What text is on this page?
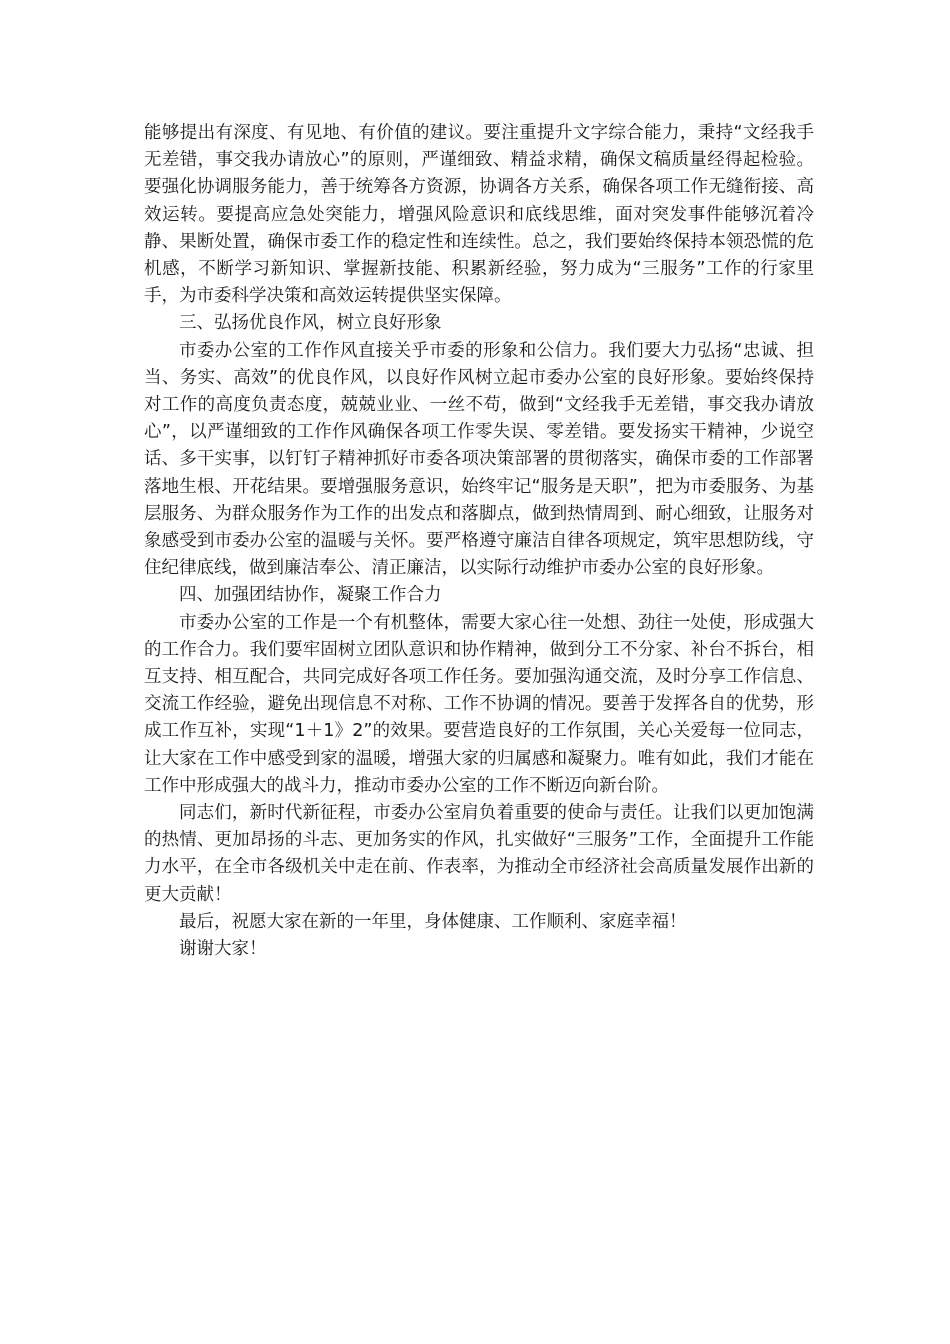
能够提出有深度、有见地、有价值的建议。要注重提升文字综合能力，秉持“文经我手无差错，事交我办请放心”的原则，严谨细致、精益求精，确保文稿质量经得起检验。要强化协调服务能力，善于统筹各方资源，协调各方关系，确保各项工作无缝衔接、高效运转。要提高应急处突能力，增强风险意识和底线思维，面对突发事件能够沉着冷静、果断处置，确保市委工作的稳定性和连续性。总之，我们要始终保持本领恐慌的危机感，不断学习新知识、掌握新技能、积累新经验，努力成为“三服务”工作的行家里手，为市委科学决策和高效运转提供坚实保障。

三、弘扬优良作风，树立良好形象

市委办公室的工作作风直接关乎市委的形象和公信力。我们要大力弘扬“忠诚、担当、务实、高效”的优良作风，以良好作风树立起市委办公室的良好形象。要始终保持对工作的高度负责态度，兢兢业业、一丝不苟，做到“文经我手无差错，事交我办请放心”，以严谨细致的工作作风确保各项工作零失误、零差错。要发扬实干精神，少说空话、多干实事，以钉钉子精神抓好市委各项决策部署的贯彻落实，确保市委的工作部署落地生根、开花结果。要增强服务意识，始终牢记“服务是天职”，把为市委服务、为基层服务、为群众服务作为工作的出发点和落脚点，做到热情周到、耐心细致，让服务对象感受到市委办公室的温暖与关怀。要严格遵守廉洁自律各项规定，筑牢思想防线，守住纪律底线，做到廉洁奉公、清正廉洁，以实际行动维护市委办公室的良好形象。

四、加强团结协作，凝聚工作合力

市委办公室的工作是一个有机整体，需要大家心往一处想、劲往一处使，形成强大的工作合力。我们要牢固树立团队意识和协作精神，做到分工不分家、补台不拆台，相互支持、相互配合，共同完成好各项工作任务。要加强沟通交流，及时分享工作信息、交流工作经验，避免出现信息不对称、工作不协调的情况。要善于发挥各自的优势，形成工作互补，实现“1＋1》2”的效果。要营造良好的工作氛围，关心关爱每一位同志，让大家在工作中感受到家的温暖，增强大家的归属感和凝聚力。唯有如此，我们才能在工作中形成强大的战斗力，推动市委办公室的工作不断迈向新台阶。

同志们，新时代新征程，市委办公室肩负着重要的使命与责任。让我们以更加饱满的热情、更加昂扬的斗志、更加务实的作风，扎实做好“三服务”工作，全面提升工作能力水平，在全市各级机关中走在前、作表率，为推动全市经济社会高质量发展作出新的更大贡献！

最后，祝愿大家在新的一年里，身体健康、工作顺利、家庭幸福！

谢谢大家！
